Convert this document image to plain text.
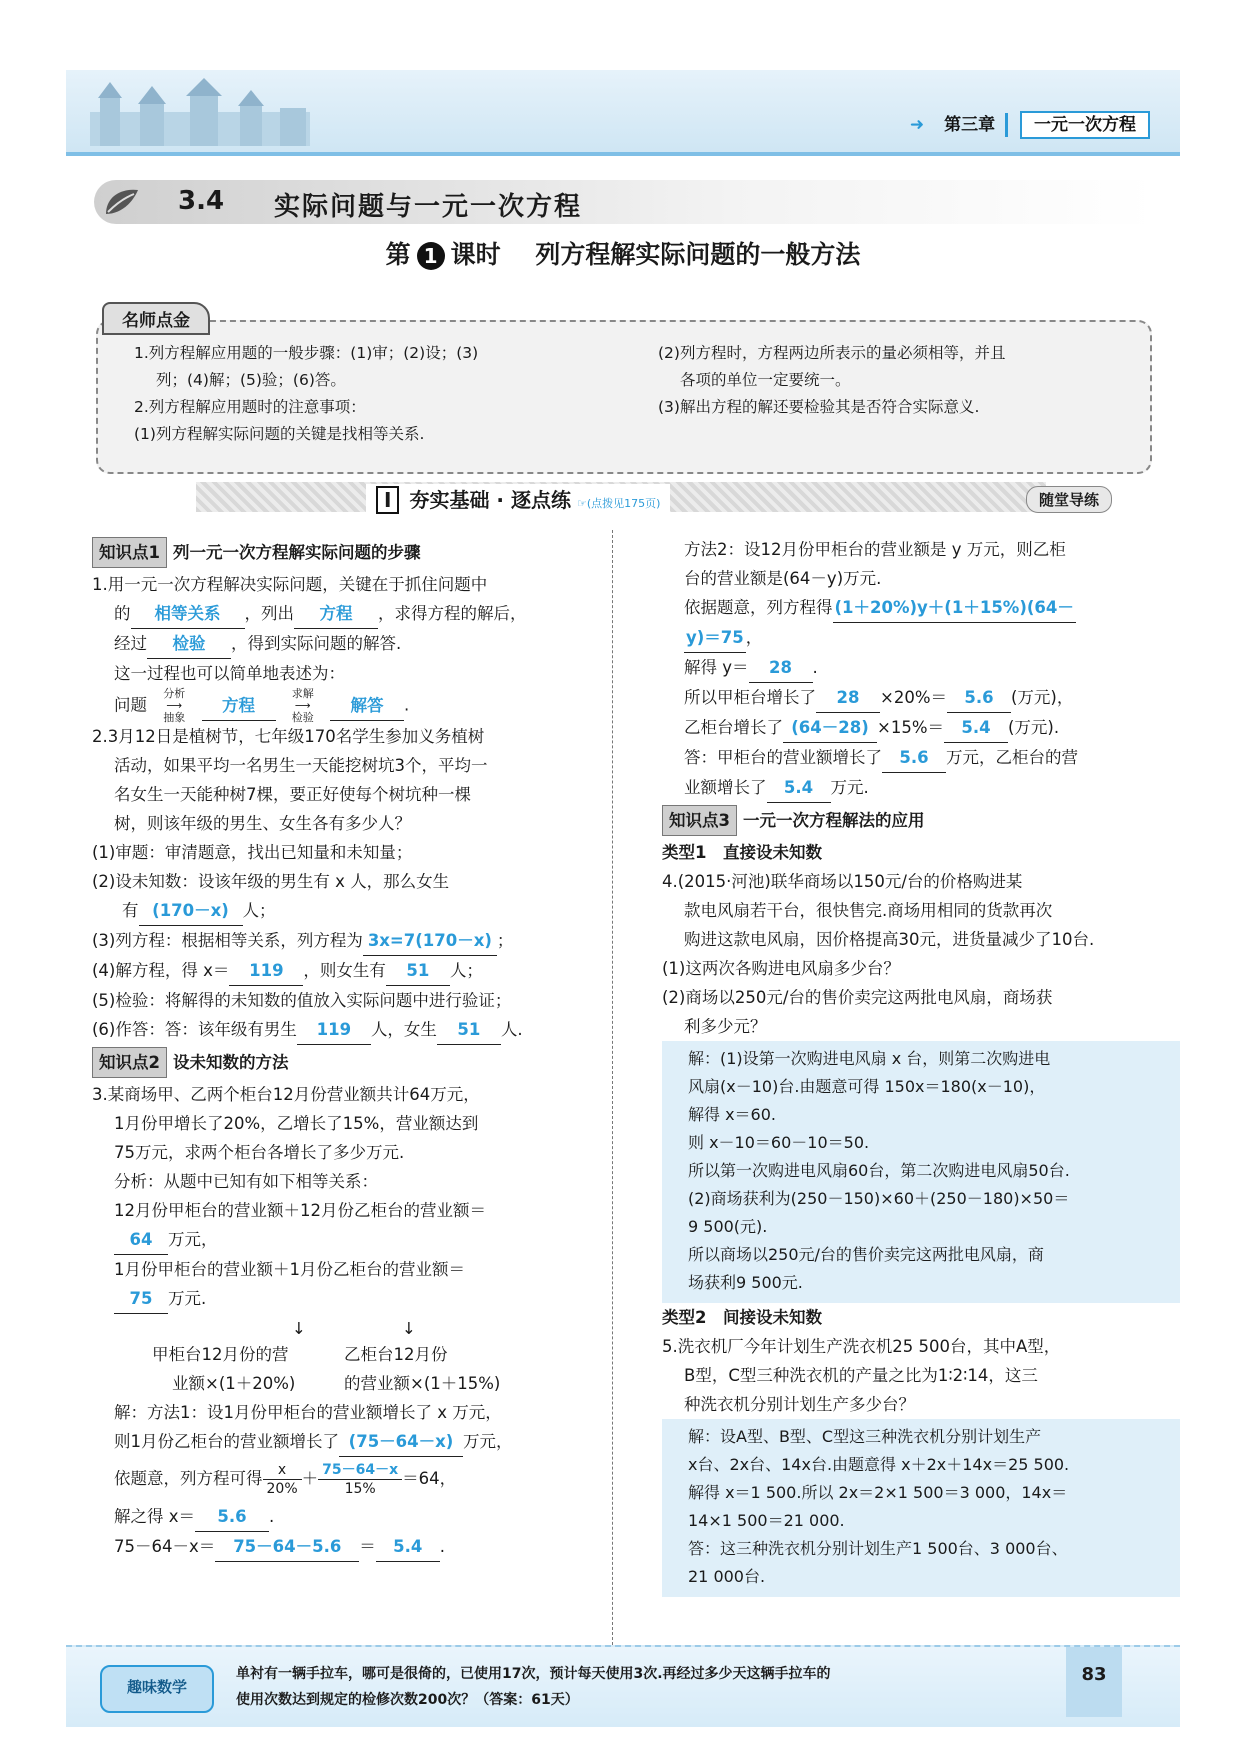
➜ 第三章 一元一次方程
3.4 实际问题与一元一次方程
第 1 课时 列方程解实际问题的一般方法

1.列方程解应用题的一般步骤：(1)审；(2)设；(3)

列；(4)解；(5)验；(6)答。

2.列方程解应用题时的注意事项：

(1)列方程解实际问题的关键是找相等关系.

(2)列方程时，方程两边所表示的量必须相等，并且

各项的单位一定要统一。

(3)解出方程的解还要检验其是否符合实际意义.

名师点金
I 夯实基础 · 逐点练 ☞(点拨见175页)	随堂导练

知识点1 列一元一次方程解实际问题的步骤

1.用一元一次方程解决实际问题，关键在于抓住问题中

的 相等关系 ，列出 方程 ，求得方程的解后，

经过 检验 ，得到实际问题的解答.

这一过程也可以简单地表述为：

问题 分析
⟶
抽象 方程 求解
⟶
检验 解答 .

2.3月12日是植树节，七年级170名学生参加义务植树

活动，如果平均一名男生一天能挖树坑3个，平均一

名女生一天能种树7棵，要正好使每个树坑种一棵

树，则该年级的男生、女生各有多少人？

(1)审题：审清题意，找出已知量和未知量；

(2)设未知数：设该年级的男生有 x 人，那么女生

有 (170－x) 人；

(3)列方程：根据相等关系，列方程为 3x=7(170－x) ；

(4)解方程，得 x＝ 119 ，则女生有 51 人；

(5)检验：将解得的未知数的值放入实际问题中进行验证；

(6)作答：答：该年级有男生 119 人，女生 51 人.

知识点2 设未知数的方法

3.某商场甲、乙两个柜台12月份营业额共计64万元，

1月份甲增长了20%，乙增长了15%，营业额达到

75万元，求两个柜台各增长了多少万元.

分析：从题中已知有如下相等关系：

12月份甲柜台的营业额＋12月份乙柜台的营业额＝

64 万元，

1月份甲柜台的营业额＋1月份乙柜台的营业额＝

75 万元.

↓	↓

甲柜台12月份的营

业额×(1＋20%)

乙柜台12月份

的营业额×(1＋15%)

解：方法1：设1月份甲柜台的营业额增长了 x 万元，

则1月份乙柜台的营业额增长了 (75－64－x) 万元，

依题意，列方程可得 $\frac{x}{20\%} + \frac{75-64-x}{15\%} =64$，

解之得 x＝ 5.6 .

75－64－x＝ 75－64－5.6 ＝ 5.4 .

方法2：设12月份甲柜台的营业额是 y 万元，则乙柜

台的营业额是(64－y)万元.

依据题意，列方程得 (1＋20%)y＋(1＋15%)(64－

y)＝75 ，

解得 y＝ 28 .

所以甲柜台增长了 28 ×20%＝ 5.6 (万元)，

乙柜台增长了 (64－28) ×15%＝ 5.4 (万元).

答：甲柜台的营业额增长了 5.6 万元，乙柜台的营

业额增长了 5.4 万元.

知识点3 一元一次方程解法的应用

类型1　直接设未知数

4.(2015·河池)联华商场以150元/台的价格购进某

款电风扇若干台，很快售完.商场用相同的货款再次

购进这款电风扇，因价格提高30元，进货量减少了10台.

(1)这两次各购进电风扇多少台？

(2)商场以250元/台的售价卖完这两批电风扇，商场获

利多少元？

解：(1)设第一次购进电风扇 x 台，则第二次购进电

风扇(x－10)台.由题意可得 150x＝180(x－10)，

解得 x＝60.

则 x－10＝60－10＝50.

所以第一次购进电风扇60台，第二次购进电风扇50台.

(2)商场获利为(250－150)×60＋(250－180)×50＝

9 500(元).

所以商场以250元/台的售价卖完这两批电风扇，商

场获利9 500元.

类型2　间接设未知数

5.洗衣机厂今年计划生产洗衣机25 500台，其中A型，

B型，C型三种洗衣机的产量之比为1∶2∶14，这三

种洗衣机分别计划生产多少台？

解：设A型、B型、C型这三种洗衣机分别计划生产

x台、2x台、14x台.由题意得 x＋2x＋14x＝25 500.

解得 x＝1 500.所以 2x＝2×1 500＝3 000，14x＝

14×1 500＝21 000.

答：这三种洗衣机分别计划生产1 500台、3 000台、

21 000台.

趣味数学

单衬有一辆手拉车，哪可是很倚的，已使用17次，预计每天使用3次.再经过多少天这辆手拉车的

使用次数达到规定的检修次数200次？（答案：61天）

83
